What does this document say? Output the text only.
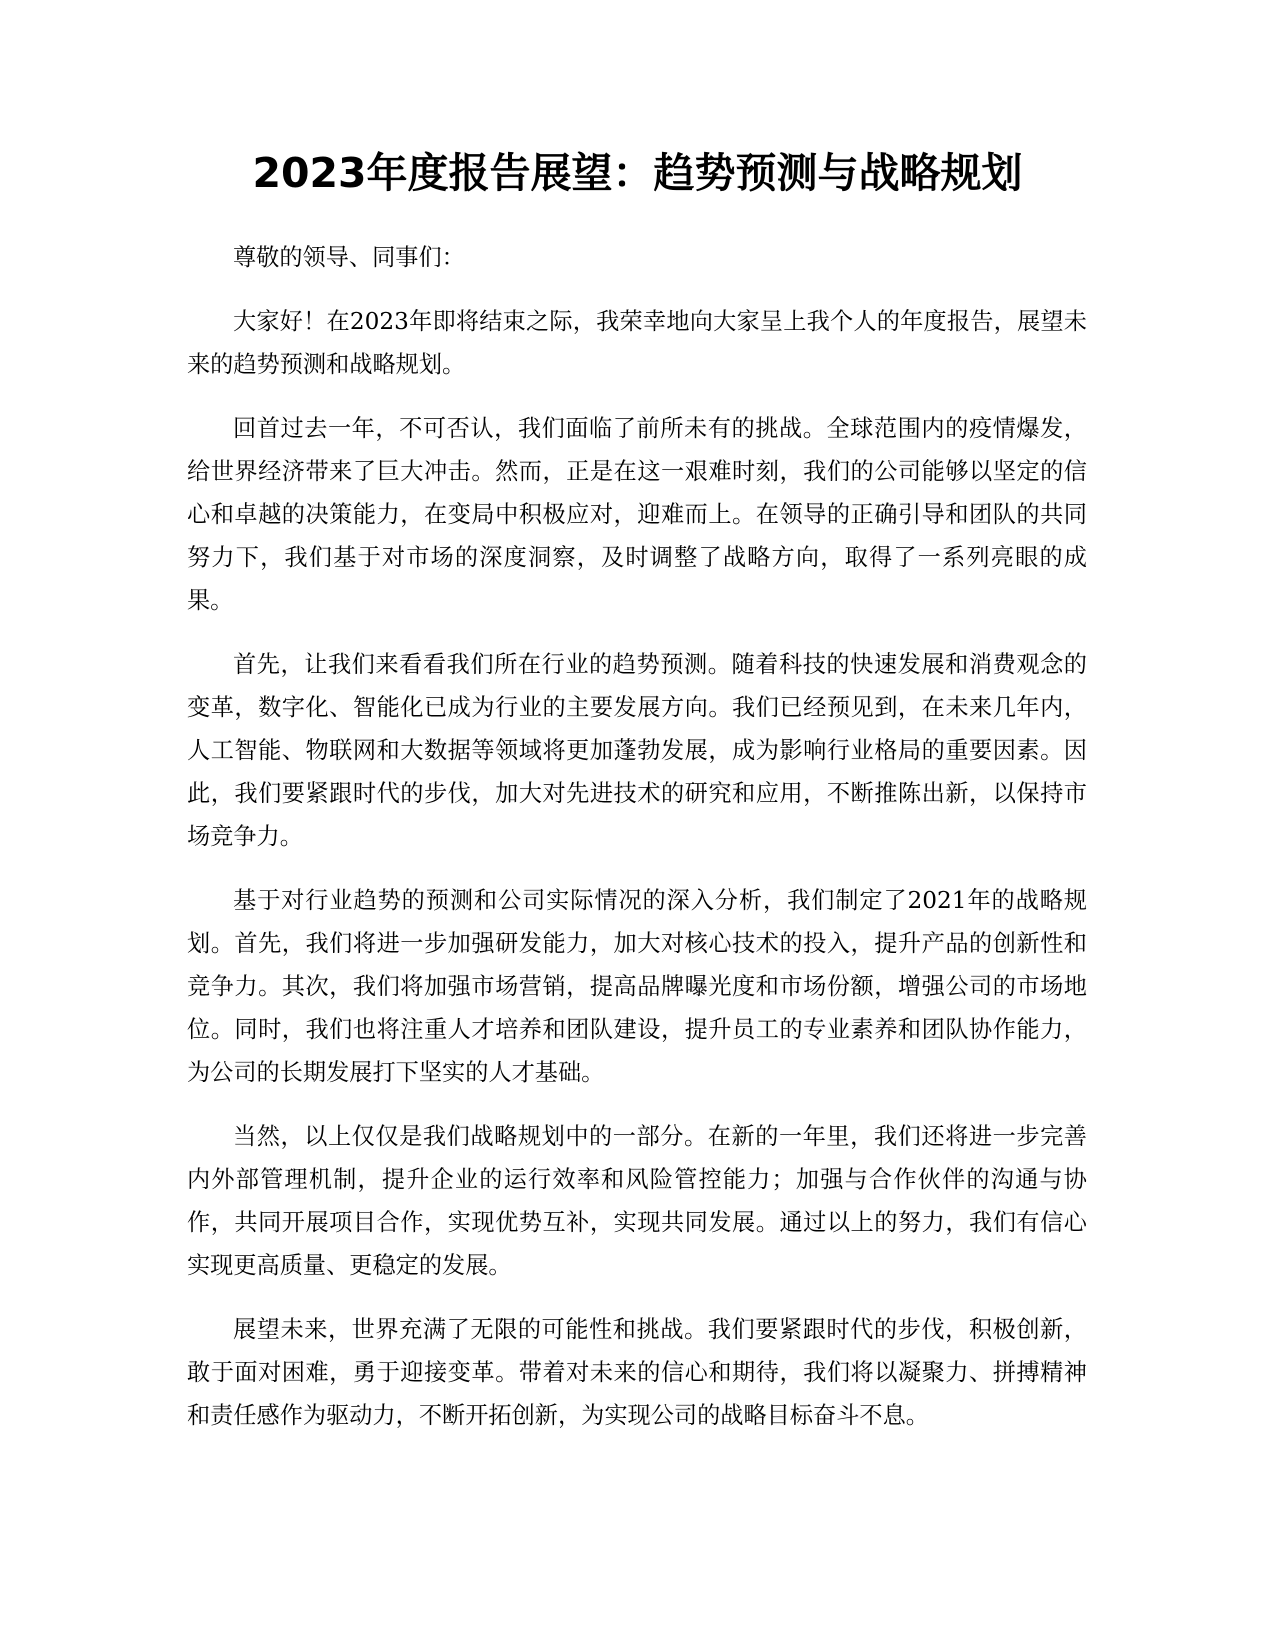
2023年度报告展望：趋势预测与战略规划

尊敬的领导、同事们：

大家好！在2023年即将结束之际，我荣幸地向大家呈上我个人的年度报告，展望未来的趋势预测和战略规划。

回首过去一年，不可否认，我们面临了前所未有的挑战。全球范围内的疫情爆发，给世界经济带来了巨大冲击。然而，正是在这一艰难时刻，我们的公司能够以坚定的信心和卓越的决策能力，在变局中积极应对，迎难而上。在领导的正确引导和团队的共同努力下，我们基于对市场的深度洞察，及时调整了战略方向，取得了一系列亮眼的成果。

首先，让我们来看看我们所在行业的趋势预测。随着科技的快速发展和消费观念的变革，数字化、智能化已成为行业的主要发展方向。我们已经预见到，在未来几年内，人工智能、物联网和大数据等领域将更加蓬勃发展，成为影响行业格局的重要因素。因此，我们要紧跟时代的步伐，加大对先进技术的研究和应用，不断推陈出新，以保持市场竞争力。

基于对行业趋势的预测和公司实际情况的深入分析，我们制定了2021年的战略规划。首先，我们将进一步加强研发能力，加大对核心技术的投入，提升产品的创新性和竞争力。其次，我们将加强市场营销，提高品牌曝光度和市场份额，增强公司的市场地位。同时，我们也将注重人才培养和团队建设，提升员工的专业素养和团队协作能力，为公司的长期发展打下坚实的人才基础。

当然，以上仅仅是我们战略规划中的一部分。在新的一年里，我们还将进一步完善内外部管理机制，提升企业的运行效率和风险管控能力；加强与合作伙伴的沟通与协作，共同开展项目合作，实现优势互补，实现共同发展。通过以上的努力，我们有信心实现更高质量、更稳定的发展。

展望未来，世界充满了无限的可能性和挑战。我们要紧跟时代的步伐，积极创新，敢于面对困难，勇于迎接变革。带着对未来的信心和期待，我们将以凝聚力、拼搏精神和责任感作为驱动力，不断开拓创新，为实现公司的战略目标奋斗不息。
